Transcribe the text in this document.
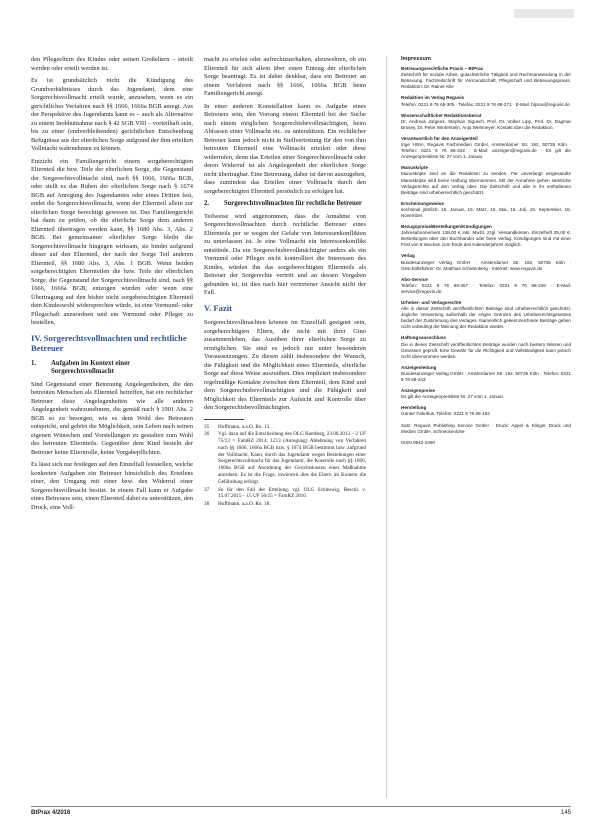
den Pflegeeltern des Kindes oder seinen Großeltern – erteilt werden oder erteilt werden ist.

Es ist grundsätzlich nicht die Kündigung des Grundverhältnisses durch das Jugendamt, dem eine Sorgerechtsvollmacht erteilt wurde, anzusehen, wenn es ein gerichtliches Verfahren nach §§ 1666, 1666a BGB anregt. Aus der Perspektive des Jugendamts kann es – auch als Alternative zu einem Inobhutnahme nach § 42 SGB VIII – vorteilhaft sein, bis zu einer (endverbleibenden) gerichtlichen Entscheidung Befugnisse aus der elterlichen Sorge aufgrund der ihm erteilten Vollmacht wahrnehmen zu können.

Entzieht ein Familiengericht einem sorgeberechtigten Elternteil die bzw. Teile der elterlichen Sorge, die Gegenstand der Sorgerechtsvollmacht sind, nach §§ 1666, 1666a BGB, oder stellt es das Ruhen der elterlichen Sorge nach § 1674 BGB auf Anregung des Jugendamtes oder eines Dritten fest, endet die Sorgerechtsvollmacht, wenn der Elternteil allein zur elterlichen Sorge berechtigt gewesen ist. Das Familiengericht hat dann zu prüfen, ob die elterliche Sorge dem anderen Elternteil übertragen werden kann, §§ 1680 Abs. 3, Abs. 2 BGB. Bei gemeinsamer elterlicher Sorge bleibt die Sorgerechtsvollmacht hingegen wirksam, sie bindet aufgrund dieser auf den Elternteil, der nach der Sorge Teil anderen Elternteil, §§ 1680 Abs. 3, Abs. 1 BGB. Wenn beiden sorgeberechtigten Elternteilen die bzw. Teile der elterlichen Sorge, die Gegenstand der Sorgerechtsvollmacht sind, nach §§ 1666, 1666a BGB, entzogen wurden oder wenn eine Übertragung auf den bisher nicht sorgeberechtigten Elternteil dem Kindeswohl widersprechen würde, ist eine Vormund- oder Pflegschaft anzuordnen und ein Vormund oder Pfleger zu bestellen.

IV. Sorgerechtsvollmachten und rechtliche Betreuer
1.	Aufgaben im Kontext einer Sorgerechtsvollmacht

Sind Gegenstand einer Betreuung Angelegenheiten, die den betreuten Menschen als Elternteil betreffen, hat ein rechtlicher Betreuer diese Angelegenheiten wie alle anderen Angelegenheit wahrzunehmen, die gemäß nach § 1901 Abs. 2 BGB so zu besorgen, wie es dem Wohl des Betreuten entspricht, und gehört die Möglichkeit, sein Leben nach seinen eigenen Wünschen und Vorstellungen zu gestalten zum Wohl des betreuten Elternteils. Gegenüber dem Kind besteht der Betreuer keine Elternrolle, keine Vorgabepflichten.

Es lässt sich nur festlegen auf den Einzelfall feststellen, welche konkreten Aufgaben ein Betreuer hinsichtlich des Erteilens einer, den Umgang mit einer bzw. den Widerruf einer Sorgerechtsvollmacht besitzt. In einem Fall kann er Aufgabe eines Betreuers sein, einen Elternteil dabei zu unterstützen, den Druck, eine Voll-

macht zu ertelen oder aufrechtzuerhalten, abzuwehren, ob ein Elternteil für sich allein über einen Entzug der elterlichen Sorge beantragt. Es ist daher denkbar, dass ein Betreuer an einem Verfahren nach §§ 1666, 1666a BGB beim Familiengericht anregt.

In einer anderen Konstellation kann es Aufgabe eines Betreuers sein, den Vorrang einem Elternteil bei der Suche nach einem möglichen Sorgerechtsbevollmächtigten, beim Abfassen einer Vollmacht etc. zu unterstützen. Ein rechtlicher Betreuer kann jedoch nicht in Stellvertretung für den von ihm betreuten Elternteil eine Vollmacht erteilen oder diese widerrufen, denn das Erteilen einer Sorgerechtsvollmacht oder deren Widerruf ist als Angelegenheit der elterlichen Sorge nicht übertragbar. Eine Betreuung, daher ist davon auszugehen, dass zumindest das Erteilen einer Vollmacht durch den sorgeberechtigten Elternteil persönlich zu erfolgen hat.

2.	Sorgerechtsvollmachten für rechtliche Betreuer

Teilweise wird angenommen, dass die Annahme von Sorgerechtsvollmachten durch rechtliche Betreuer eines Elternteils per se wegen der Gefahr von Interessenkonflikten zu unterlassen ist. Je eine Vollmacht ein Interessenkonflikt entstünde. Da ein Sorgerechtsbevollmächtigter anders als ein Vormund oder Pfleger nicht kontrolliert die Interessen des Kindes, würden ihn das sorgeberechtigten Elternteils als Betreuer der Sorgerechte vertritt und an dessen Vorgaben gebunden ist, ist dies nach hier vertretener Ansicht nicht der Fall.

V. Fazit

Sorgerechtsvollmachten können im Einzelfall geeignet sein, sorgeberechtigten Eltern, die nicht mit ihrer Gino zusammenleben, das Ausüben ihrer elterlichen Sorge zu ermöglichen. Sie sind es jedoch nur unter besonderen Voraussetzungen. Zu diesen zählt insbesondere der Wunsch, die Fähigkeit und die Möglichkeit eines Elternteils, elterliche Sorge auf diese Weise auszuüben. Dies impliziert insbesondere regelmäßige Kontakte zwischen dem Elternteil, dem Kind und dem Sorgerechtsbevollmächtigten und die Fähigkeit und Möglichkeit des Elternteils zur Aufsicht und Kontrolle über den Sorgerechtsbevollmächtigten.

35	Hoffmann, a.a.O. Rn. 13.
36	Vgl. dazu auf die Entscheidung des OLG Bamberg, 23.08.2013 – 2 UF 75/13 = FamRZ 2014, 1213 (Anregung) Ablehnung von Verfahren nach §§ 1666, 1666a BGB bzw. § 1674 BGB bestimmt bzw. aufgrund der Vollmacht, Kann, durch das Jugendamt wegen Beziehungen einer Sorgerechtsvollmacht für das Jugendamt, die Kontrolle nach §§ 1666, 1666a BGB auf Anordnung der Gerichtskosten einer Maßnahme anordnen. Es ist die Frage, inwieweit dies die Eltern im Kontext die Gefährdung erfolgt.
37	So für den Fall der Erteilung, vgl. OLG Schleswig, Beschl. v. 15.07.2015 – 15 UF 56/15 = FamRZ 2016.
38	Hoffmann, a.a.O. Rn. 18.
Impressum
Betreuungsrechtliche Praxis – BtPrax
Zeitschrift für soziale Arbeit, gutachterliche Tätigkeit und Rechtsanwendung in der Betreuung. Fachzeitschrift für Vormundschaft, Pflegschaft und Betreuungspraxis. Redaktion: Dr. Rainer Klie
Redaktion im Verlag Reguvis
Telefon: 0221 9 76 68-305 · Telefax: 0221 9 76 68-271 · E-Mail: btprax@reguvis.de
Wissenschaftlicher Redaktionsbeirat
Dr. Andreas Jürgens, Stephan Sigusch, Prof. Dr. Volker Lipp, Prof. Dr. Dagmar Brosey, Dr. Peter Winterstein, Anja Wehmeyer. Kontakt über die Redaktion.
Verantwortlich für den Anzeigenteil
Inge Höhn, Reguvis Fachmedien GmbH, Amsterdamer Str. 192, 50735 Köln · Telefon: 0221 9 76 68-343 · E-Mail: anzeigen@reguvis.de · Es gilt die Anzeigenpreisliste Nr. 27 vom 1. Januar.
Manuskripte
Manuskripte sind an die Redaktion zu senden. Für unverlangt eingesandte Manuskripte wird keine Haftung übernommen. Mit der Annahme gehen sämtliche Verlagsrechte auf den Verlag über. Die Zeitschrift und alle in ihr enthaltenen Beiträge sind urheberrechtlich geschützt.
Erscheinungsweise
sechsmal jährlich: 15. Januar, 15. März, 15. Mai, 15. Juli, 15. September, 15. November.
Bezugspreise/Bestellungen/Kündigungen
Jahresabonnement 138,00 € inkl. MwSt. zzgl. Versandkosten. Einzelheft 25,00 €. Bestellungen über den Buchhandel oder beim Verlag. Kündigungen sind mit einer Frist von 6 Wochen zum Ende des Kalenderjahres möglich.
Verlag
Bundesanzeiger Verlag GmbH · Amsterdamer Str. 192, 50735 Köln · Geschäftsführer: Dr. Matthias Schulenberg · Internet: www.reguvis.de
Abo-Service
Telefon: 0221 9 76 68-357 · Telefax: 0221 9 76 68-236 · E-Mail: service@reguvis.de
Urheber- und Verlagsrechte
Alle in dieser Zeitschrift veröffentlichten Beiträge sind urheberrechtlich geschützt. Jegliche Verwertung außerhalb der engen Grenzen des Urheberrechtsgesetzes bedarf der Zustimmung des Verlages. Namentlich gekennzeichnete Beiträge geben nicht unbedingt die Meinung der Redaktion wieder.
Haftungsausschluss
Die in dieser Zeitschrift veröffentlichten Beiträge wurden nach bestem Wissen und Gewissen geprüft. Eine Gewähr für die Richtigkeit und Vollständigkeit kann jedoch nicht übernommen werden.
Anzeigenleitung
Bundesanzeiger Verlag GmbH · Amsterdamer Str. 192, 50735 Köln · Telefon: 0221 9 76 68-343
Anzeigenpreise
Es gilt die Anzeigenpreisliste Nr. 27 vom 1. Januar.
Herstellung
Günter Fabritius, Telefon: 0221 9 76 68-182
Satz: Reguvis Publishing Service GmbH · Druck: Appel & Klinger Druck und Medien GmbH, Schneckenlohe
ISSN 0942-2390
BtPrax 4/2016	145
